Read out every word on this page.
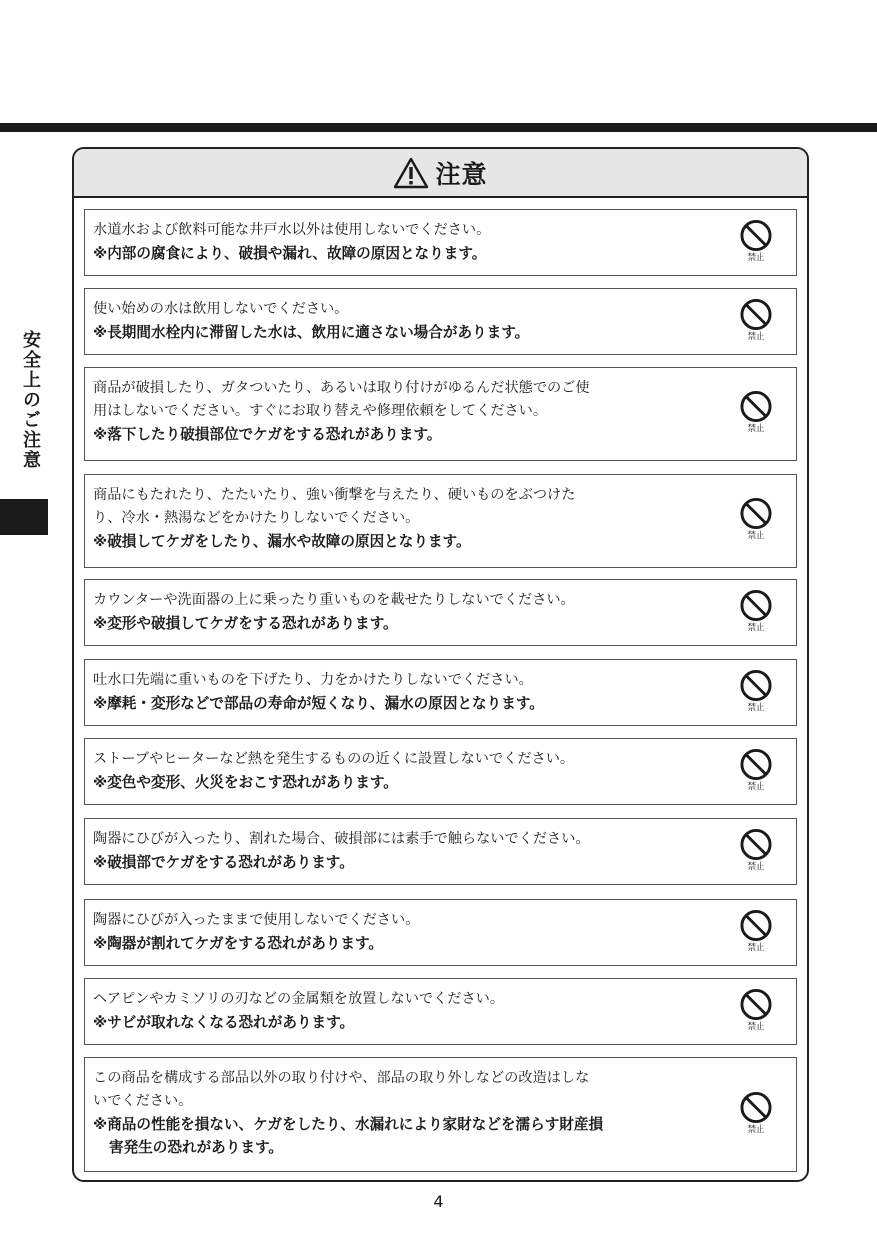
安全上のご注意
注意
水道水および飲料可能な井戸水以外は使用しないでください。
※内部の腐食により、破損や漏れ、故障の原因となります。	禁止
使い始めの水は飲用しないでください。
※長期間水栓内に滞留した水は、飲用に適さない場合があります。	禁止
商品が破損したり、ガタついたり、あるいは取り付けがゆるんだ状態でのご使
用はしないでください。すぐにお取り替えや修理依頼をしてください。
※落下したり破損部位でケガをする恐れがあります。	禁止
商品にもたれたり、たたいたり、強い衝撃を与えたり、硬いものをぶつけた
り、冷水・熱湯などをかけたりしないでください。
※破損してケガをしたり、漏水や故障の原因となります。	禁止
カウンターや洗面器の上に乗ったり重いものを載せたりしないでください。
※変形や破損してケガをする恐れがあります。	禁止
吐水口先端に重いものを下げたり、力をかけたりしないでください。
※摩耗・変形などで部品の寿命が短くなり、漏水の原因となります。	禁止
ストーブやヒーターなど熱を発生するものの近くに設置しないでください。
※変色や変形、火災をおこす恐れがあります。	禁止
陶器にひびが入ったり、割れた場合、破損部には素手で触らないでください。
※破損部でケガをする恐れがあります。	禁止
陶器にひびが入ったままで使用しないでください。
※陶器が割れてケガをする恐れがあります。	禁止
ヘアピンやカミソリの刃などの金属類を放置しないでください。
※サビが取れなくなる恐れがあります。	禁止
この商品を構成する部品以外の取り付けや、部品の取り外しなどの改造はしな
いでください。
※商品の性能を損ない、ケガをしたり、水漏れにより家財などを濡らす財産損
害発生の恐れがあります。
禁止
4
